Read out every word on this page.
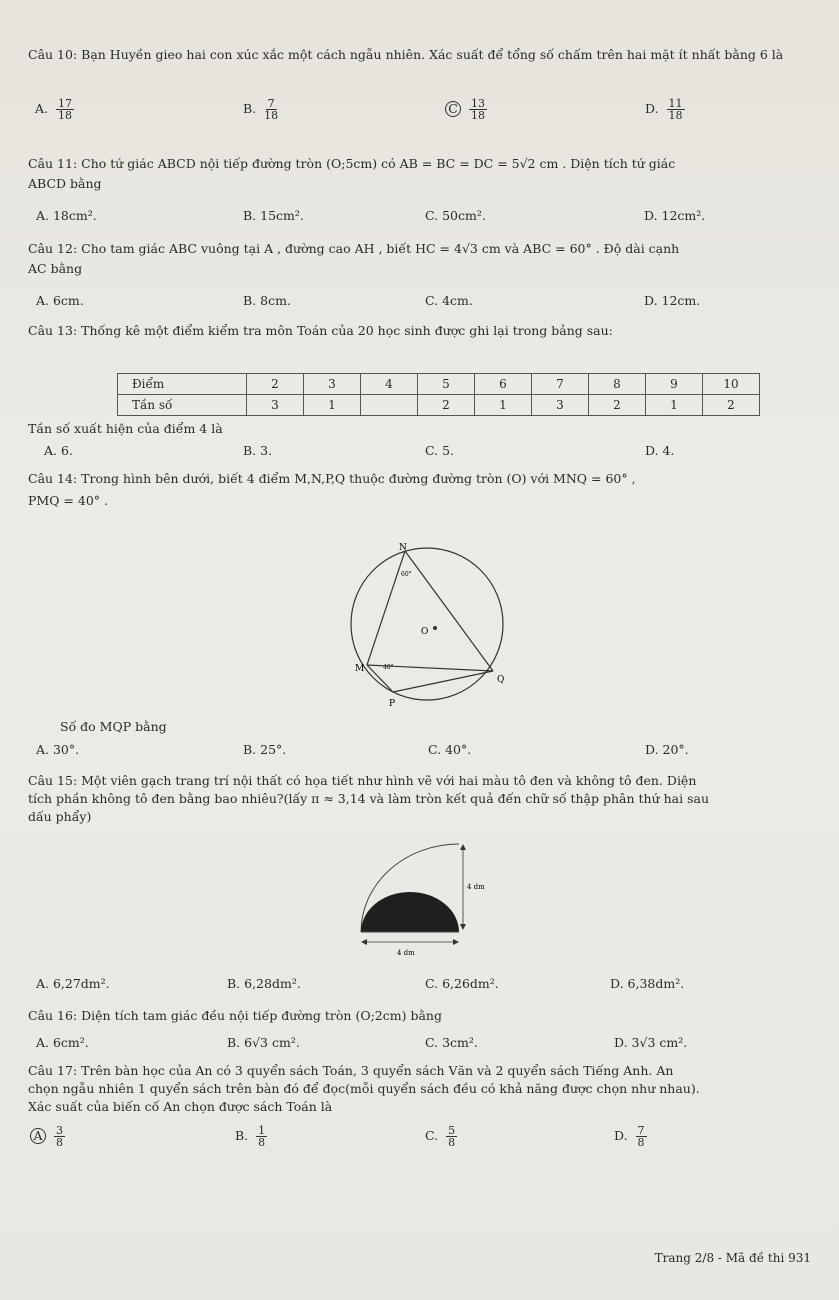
Câu 10: Bạn Huyền gieo hai con xúc xắc một cách ngẫu nhiên. Xác suất để tổng số chấm trên hai mặt ít nhất bằng 6 là
A. $\frac{17}{18}$	B. $\frac{7}{18}$	C $\frac{13}{18}$	D. $\frac{11}{18}$
Câu 11: Cho tứ giác ABCD nội tiếp đường tròn (O;5cm) có AB = BC = DC = 5√2 cm . Diện tích tứ giác
ABCD bằng
A. 18cm².	B. 15cm².	C. 50cm².	D. 12cm².
Câu 12: Cho tam giác ABC vuông tại A , đường cao AH , biết HC = 4√3 cm và ABC = 60° . Độ dài cạnh
AC bằng
A. 6cm.	B. 8cm.	C. 4cm.	D. 12cm.
Câu 13: Thống kê một điểm kiểm tra môn Toán của 20 học sinh được ghi lại trong bảng sau:
Điểm	2	3	4	5	6	7	8	9	10
Tần số	3	1		2	1	3	2	1	2
Tần số xuất hiện của điểm 4 là
A. 6.	B. 3.	C. 5.	D. 4.
Câu 14: Trong hình bên dưới, biết 4 điểm M,N,P,Q thuộc đường đường tròn (O) với MNQ = 60° ,
PMQ = 40° .
N
M
Q
P
O
60°
40°
Số đo MQP bằng
A. 30°.	B. 25°.	C. 40°.	D. 20°.
Câu 15: Một viên gạch trang trí nội thất có họa tiết như hình vẽ với hai màu tô đen và không tô đen. Diện
tích phần không tô đen bằng bao nhiêu?(lấy π ≈ 3,14 và làm tròn kết quả đến chữ số thập phân thứ hai sau
dấu phẩy)
4 dm
4 dm
A. 6,27dm².	B. 6,28dm².	C. 6,26dm².	D. 6,38dm².
Câu 16: Diện tích tam giác đều nội tiếp đường tròn (O;2cm) bằng
A. 6cm².	B. 6√3 cm².	C. 3cm².	D. 3√3 cm².
Câu 17: Trên bàn học của An có 3 quyển sách Toán, 3 quyển sách Văn và 2 quyển sách Tiếng Anh. An
chọn ngẫu nhiên 1 quyển sách trên bàn đó để đọc(mỗi quyển sách đều có khả năng được chọn như nhau).
Xác suất của biến cố An chọn được sách Toán là
A $\frac{3}{8}$	B. $\frac{1}{8}$	C. $\frac{5}{8}$	D. $\frac{7}{8}$
Trang 2/8 - Mã đề thi 931
